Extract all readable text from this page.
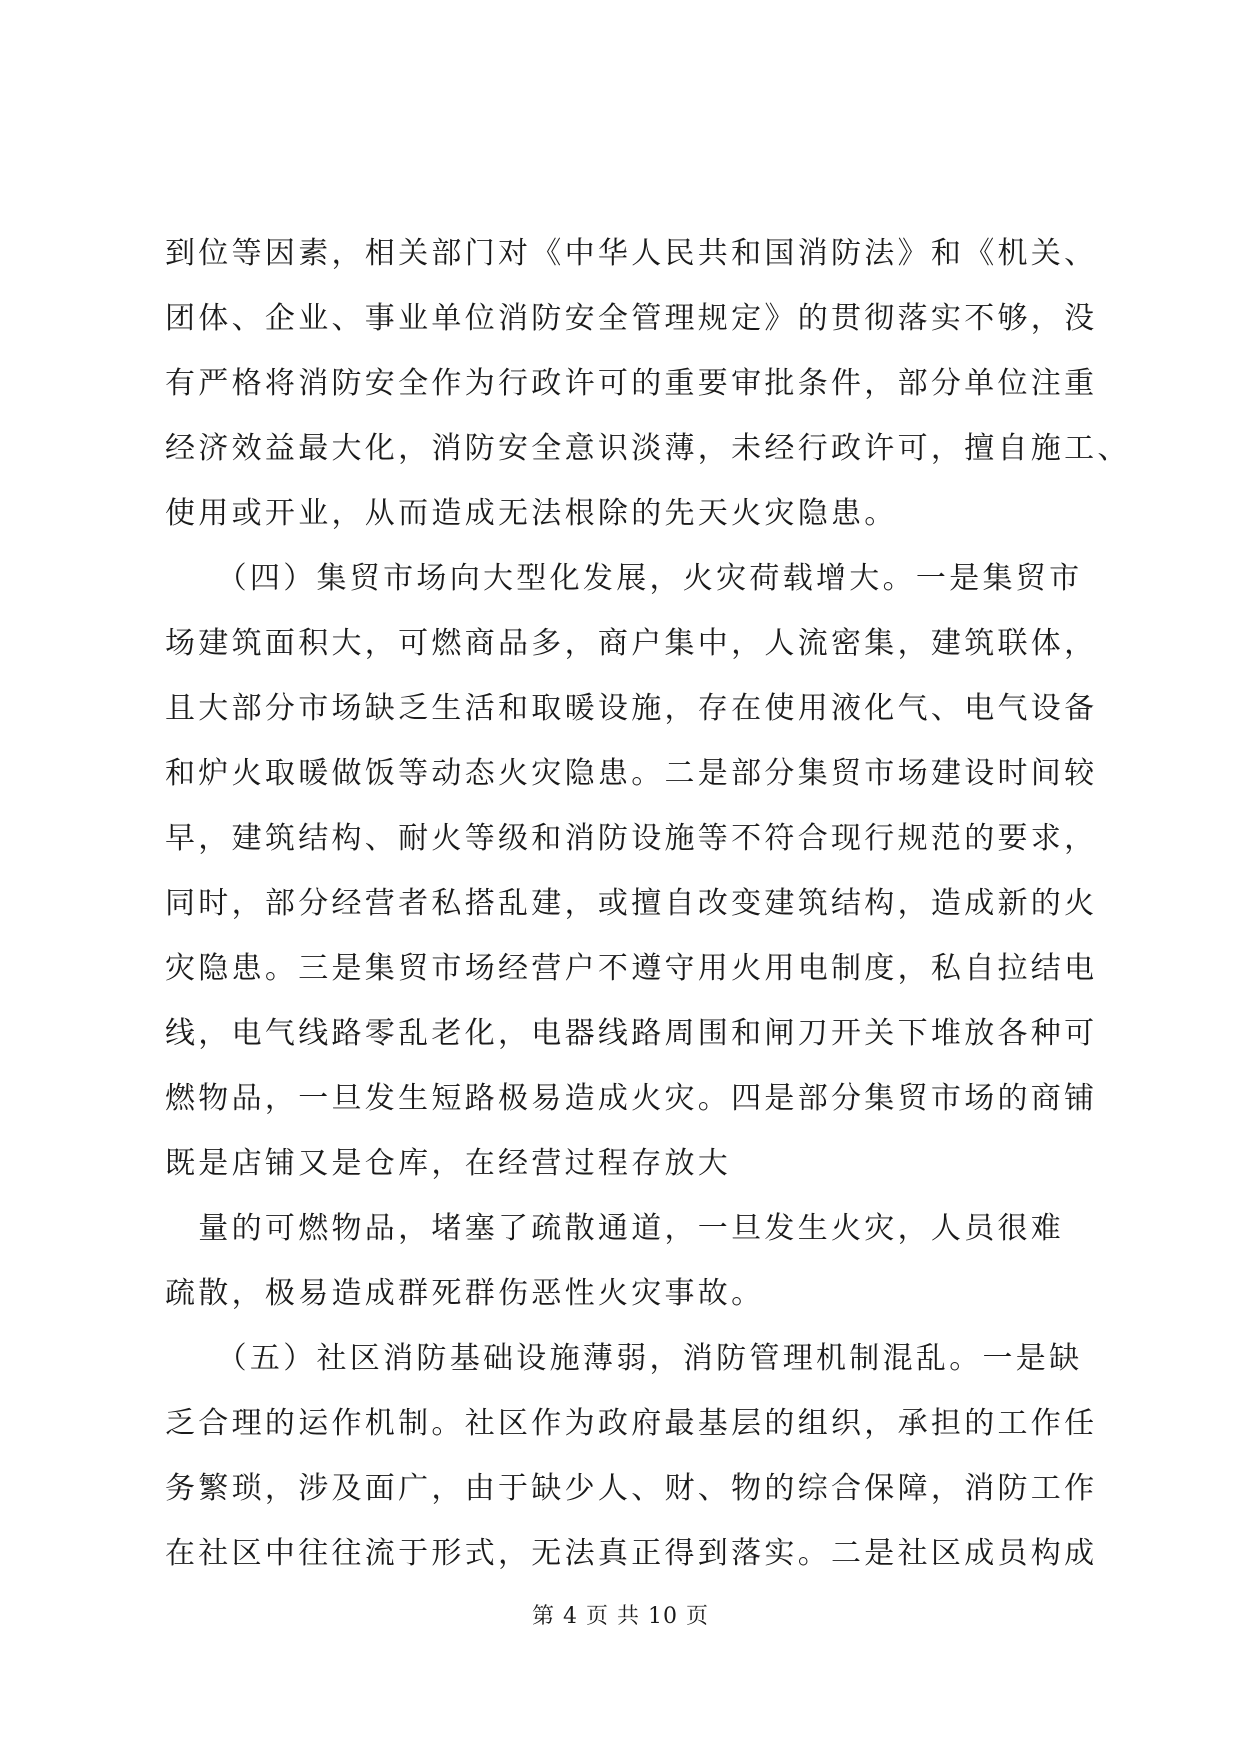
到位等因素，相关部门对《中华人民共和国消防法》和《机关、
团体、企业、事业单位消防安全管理规定》的贯彻落实不够，没
有严格将消防安全作为行政许可的重要审批条件，部分单位注重
经济效益最大化，消防安全意识淡薄，未经行政许可，擅自施工、
使用或开业，从而造成无法根除的先天火灾隐患。
　　（四）集贸市场向大型化发展，火灾荷载增大。一是集贸市
场建筑面积大，可燃商品多，商户集中，人流密集，建筑联体，
且大部分市场缺乏生活和取暖设施，存在使用液化气、电气设备
和炉火取暖做饭等动态火灾隐患。二是部分集贸市场建设时间较
早，建筑结构、耐火等级和消防设施等不符合现行规范的要求，
同时，部分经营者私搭乱建，或擅自改变建筑结构，造成新的火
灾隐患。三是集贸市场经营户不遵守用火用电制度，私自拉结电
线，电气线路零乱老化，电器线路周围和闸刀开关下堆放各种可
燃物品，一旦发生短路极易造成火灾。四是部分集贸市场的商铺
既是店铺又是仓库，在经营过程存放大
　量的可燃物品，堵塞了疏散通道，一旦发生火灾，人员很难
疏散，极易造成群死群伤恶性火灾事故。
　　（五）社区消防基础设施薄弱，消防管理机制混乱。一是缺
乏合理的运作机制。社区作为政府最基层的组织，承担的工作任
务繁琐，涉及面广，由于缺少人、财、物的综合保障，消防工作
在社区中往往流于形式，无法真正得到落实。二是社区成员构成
第 4 页 共 10 页
